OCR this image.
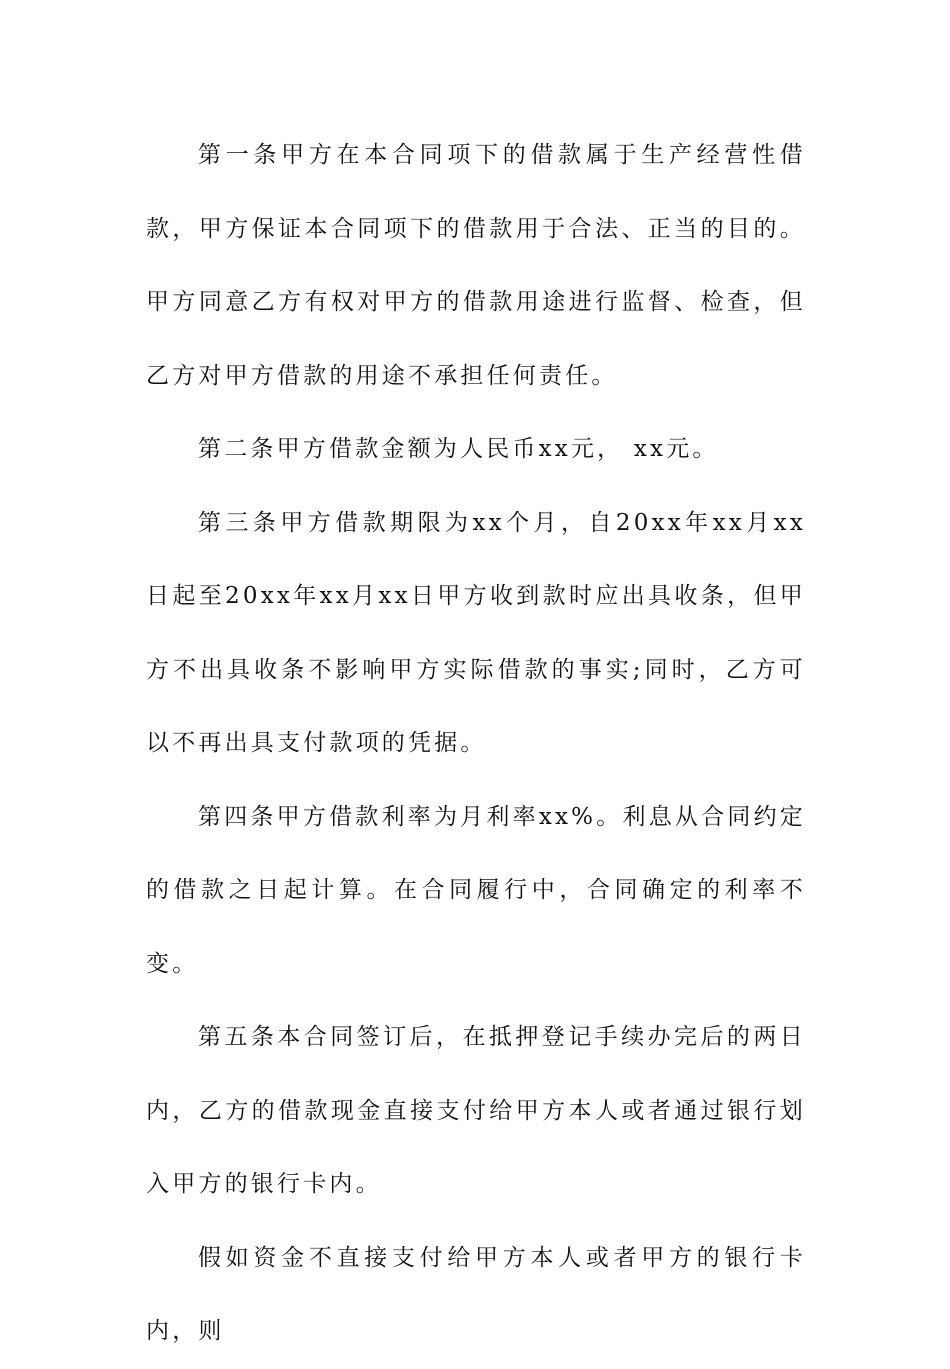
第一条甲方在本合同项下的借款属于生产经营性借款，甲方保证本合同项下的借款用于合法、正当的目的。甲方同意乙方有权对甲方的借款用途进行监督、检查，但乙方对甲方借款的用途不承担任何责任。

第二条甲方借款金额为人民币xx元， xx元。

第三条甲方借款期限为xx个月，自20xx年xx月xx日起至20xx年xx月xx日甲方收到款时应出具收条，但甲方不出具收条不影响甲方实际借款的事实;同时，乙方可以不再出具支付款项的凭据。

第四条甲方借款利率为月利率xx%。利息从合同约定的借款之日起计算。在合同履行中，合同确定的利率不变。

第五条本合同签订后，在抵押登记手续办完后的两日内，乙方的借款现金直接支付给甲方本人或者通过银行划入甲方的银行卡内。

假如资金不直接支付给甲方本人或者甲方的银行卡内，则
